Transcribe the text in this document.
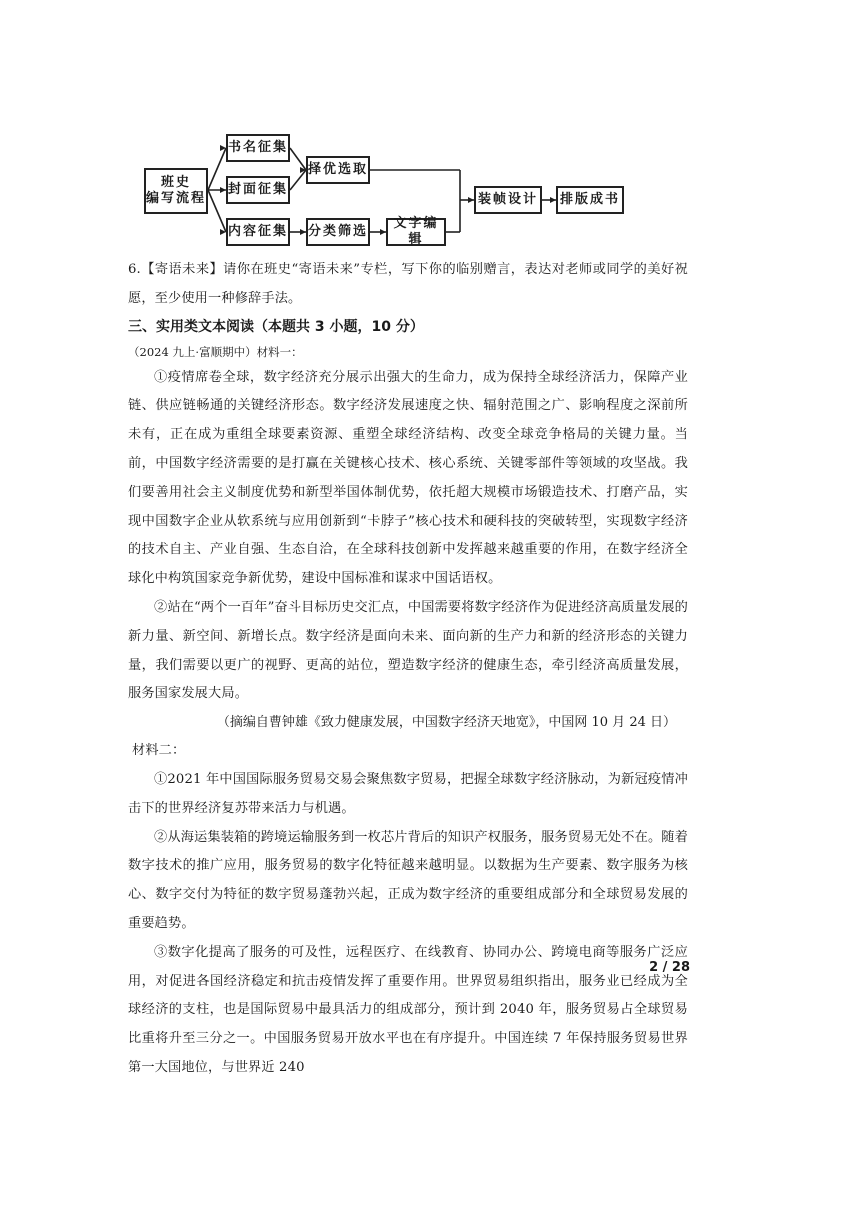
班史
编写流程
书名征集
封面征集
内容征集
择优选取
分类筛选
文字编辑
装帧设计	排版成书

6.【寄语未来】请你在班史“寄语未来”专栏，写下你的临别赠言，表达对老师或同学的美好祝愿，至少使用一种修辞手法。

三、实用类文本阅读（本题共 3 小题，10 分）

（2024 九上·富顺期中）材料一：

①疫情席卷全球，数字经济充分展示出强大的生命力，成为保持全球经济活力，保障产业链、供应链畅通的关键经济形态。数字经济发展速度之快、辐射范围之广、影响程度之深前所未有，正在成为重组全球要素资源、重塑全球经济结构、改变全球竞争格局的关键力量。当前，中国数字经济需要的是打赢在关键核心技术、核心系统、关键零部件等领域的攻坚战。我们要善用社会主义制度优势和新型举国体制优势，依托超大规模市场锻造技术、打磨产品，实现中国数字企业从软系统与应用创新到“卡脖子”核心技术和硬科技的突破转型，实现数字经济的技术自主、产业自强、生态自洽，在全球科技创新中发挥越来越重要的作用，在数字经济全球化中构筑国家竞争新优势，建设中国标准和谋求中国话语权。

②站在“两个一百年”奋斗目标历史交汇点，中国需要将数字经济作为促进经济高质量发展的新力量、新空间、新增长点。数字经济是面向未来、面向新的生产力和新的经济形态的关键力量，我们需要以更广的视野、更高的站位，塑造数字经济的健康生态，牵引经济高质量发展，服务国家发展大局。

（摘编自曹钟雄《致力健康发展，中国数字经济天地宽》，中国网 10 月 24 日）

材料二：

①2021 年中国国际服务贸易交易会聚焦数字贸易，把握全球数字经济脉动，为新冠疫情冲击下的世界经济复苏带来活力与机遇。

②从海运集装箱的跨境运输服务到一枚芯片背后的知识产权服务，服务贸易无处不在。随着数字技术的推广应用，服务贸易的数字化特征越来越明显。以数据为生产要素、数字服务为核心、数字交付为特征的数字贸易蓬勃兴起，正成为数字经济的重要组成部分和全球贸易发展的重要趋势。

③数字化提高了服务的可及性，远程医疗、在线教育、协同办公、跨境电商等服务广泛应用，对促进各国经济稳定和抗击疫情发挥了重要作用。世界贸易组织指出，服务业已经成为全球经济的支柱，也是国际贸易中最具活力的组成部分，预计到 2040 年，服务贸易占全球贸易比重将升至三分之一。中国服务贸易开放水平也在有序提升。中国连续 7 年保持服务贸易世界第一大国地位，与世界近 240

2 / 28
